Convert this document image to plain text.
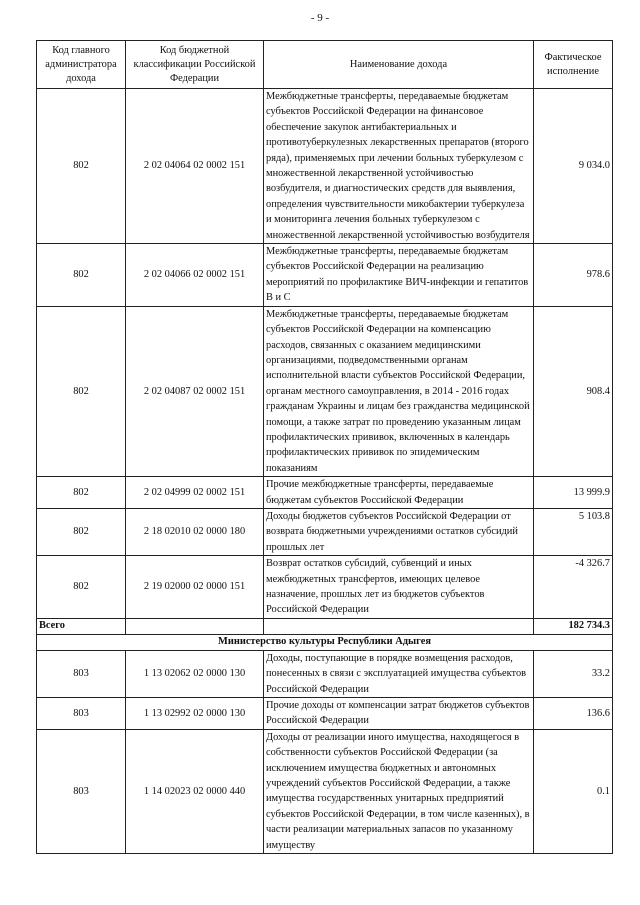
- 9 -
Код главного администратора дохода	Код бюджетной классификации Российской Федерации	Наименование дохода	Фактическое исполнение
802	2 02 04064 02 0002 151	Межбюджетные трансферты, передаваемые бюджетам субъектов Российской Федерации на финансовое обеспечение закупок антибактериальных и противотуберкулезных лекарственных препаратов (второго ряда), применяемых при лечении больных туберкулезом с множественной лекарственной устойчивостью возбудителя, и диагностических средств для выявления, определения чувствительности микобактерии туберкулеза и мониторинга лечения больных туберкулезом с множественной лекарственной устойчивостью возбудителя	9 034.0
802	2 02 04066 02 0002 151	Межбюджетные трансферты, передаваемые бюджетам субъектов Российской Федерации на реализацию мероприятий по профилактике ВИЧ-инфекции и гепатитов В и С	978.6
802	2 02 04087 02 0002 151	Межбюджетные трансферты, передаваемые бюджетам субъектов Российской Федерации на компенсацию расходов, связанных с оказанием медицинскими организациями, подведомственными органам исполнительной власти субъектов Российской Федерации, органам местного самоуправления, в 2014 - 2016 годах гражданам Украины и лицам без гражданства медицинской помощи, а также затрат по проведению указанным лицам профилактических прививок, включенных в календарь профилактических прививок по эпидемическим показаниям	908.4
802	2 02 04999 02 0002 151	Прочие межбюджетные трансферты, передаваемые бюджетам субъектов Российской Федерации	13 999.9
802	2 18 02010 02 0000 180	Доходы бюджетов субъектов Российской Федерации от возврата бюджетными учреждениями остатков субсидий прошлых лет	5 103.8
802	2 19 02000 02 0000 151	Возврат остатков субсидий, субвенций и иных межбюджетных трансфертов, имеющих целевое назначение, прошлых лет из бюджетов субъектов Российской Федерации	-4 326.7
Всего			182 734.3
Министерство культуры Республики Адыгея			
803	1 13 02062 02 0000 130	Доходы, поступающие в порядке возмещения расходов, понесенных в связи с эксплуатацией имущества субъектов Российской Федерации	33.2
803	1 13 02992 02 0000 130	Прочие доходы от компенсации затрат бюджетов субъектов Российской Федерации	136.6
803	1 14 02023 02 0000 440	Доходы от реализации иного имущества, находящегося в собственности субъектов Российской Федерации (за исключением имущества бюджетных и автономных учреждений субъектов Российской Федерации, а также имущества государственных унитарных предприятий субъектов Российской Федерации, в том числе казенных), в части реализации материальных запасов по указанному имуществу	0.1
